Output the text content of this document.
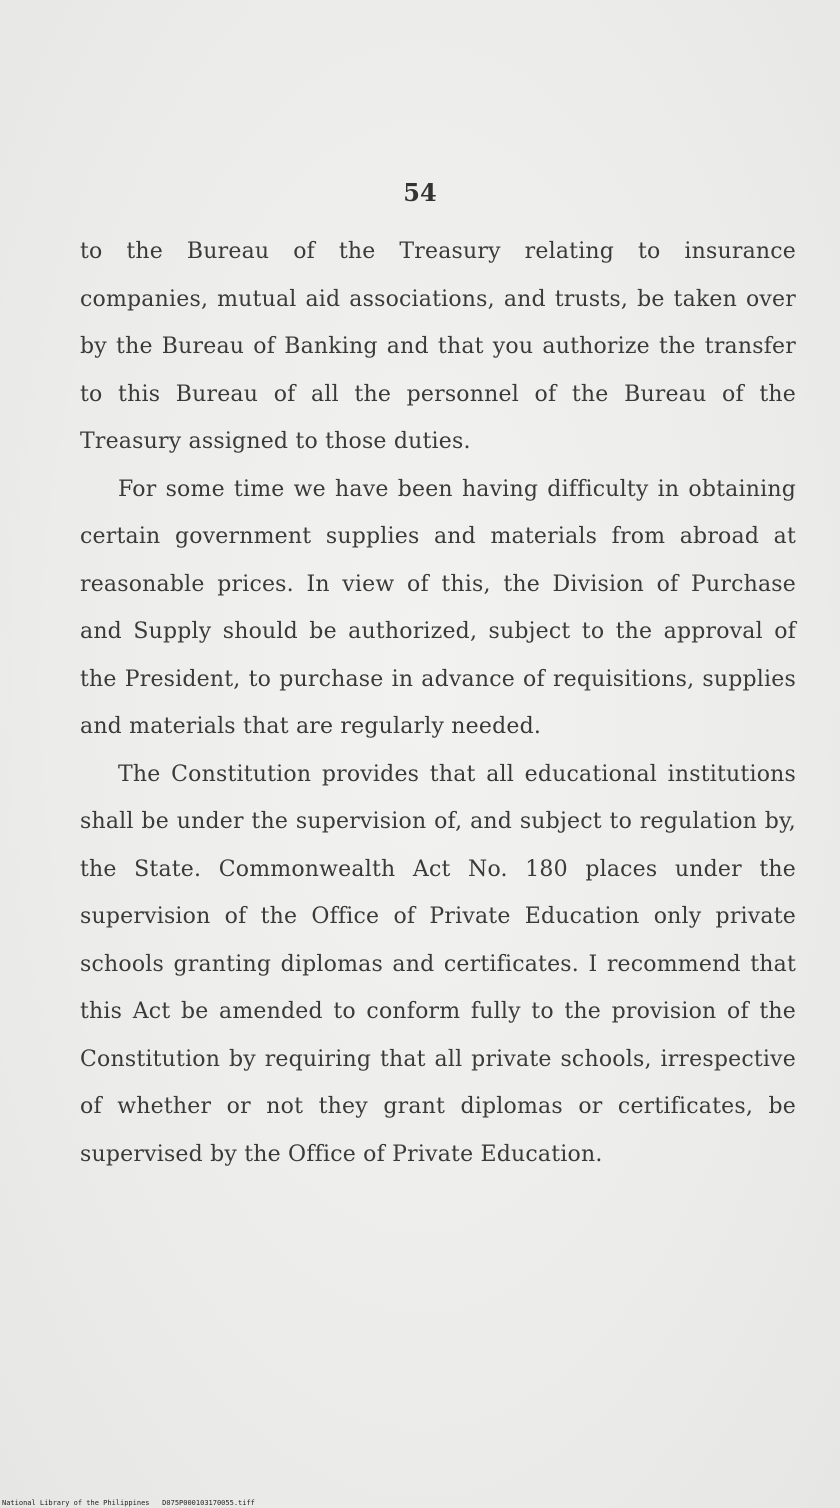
54

to the Bureau of the Treasury relating to insurance companies, mutual aid associations, and trusts, be taken over by the Bureau of Banking and that you authorize the transfer to this Bureau of all the personnel of the Bureau of the Treasury assigned to those duties.

For some time we have been having difficulty in obtaining certain government supplies and materials from abroad at reasonable prices. In view of this, the Division of Purchase and Supply should be authorized, subject to the approval of the President, to purchase in advance of requisitions, supplies and materials that are regularly needed.

The Constitution provides that all educational institutions shall be under the supervision of, and subject to regulation by, the State. Commonwealth Act No. 180 places under the supervision of the Office of Private Education only private schools granting diplomas and certificates. I recommend that this Act be amended to conform fully to the provision of the Constitution by requiring that all private schools, irrespective of whether or not they grant diplomas or certificates, be supervised by the Office of Private Education.

National Library of the Philippines D075P000103170055.tiff
